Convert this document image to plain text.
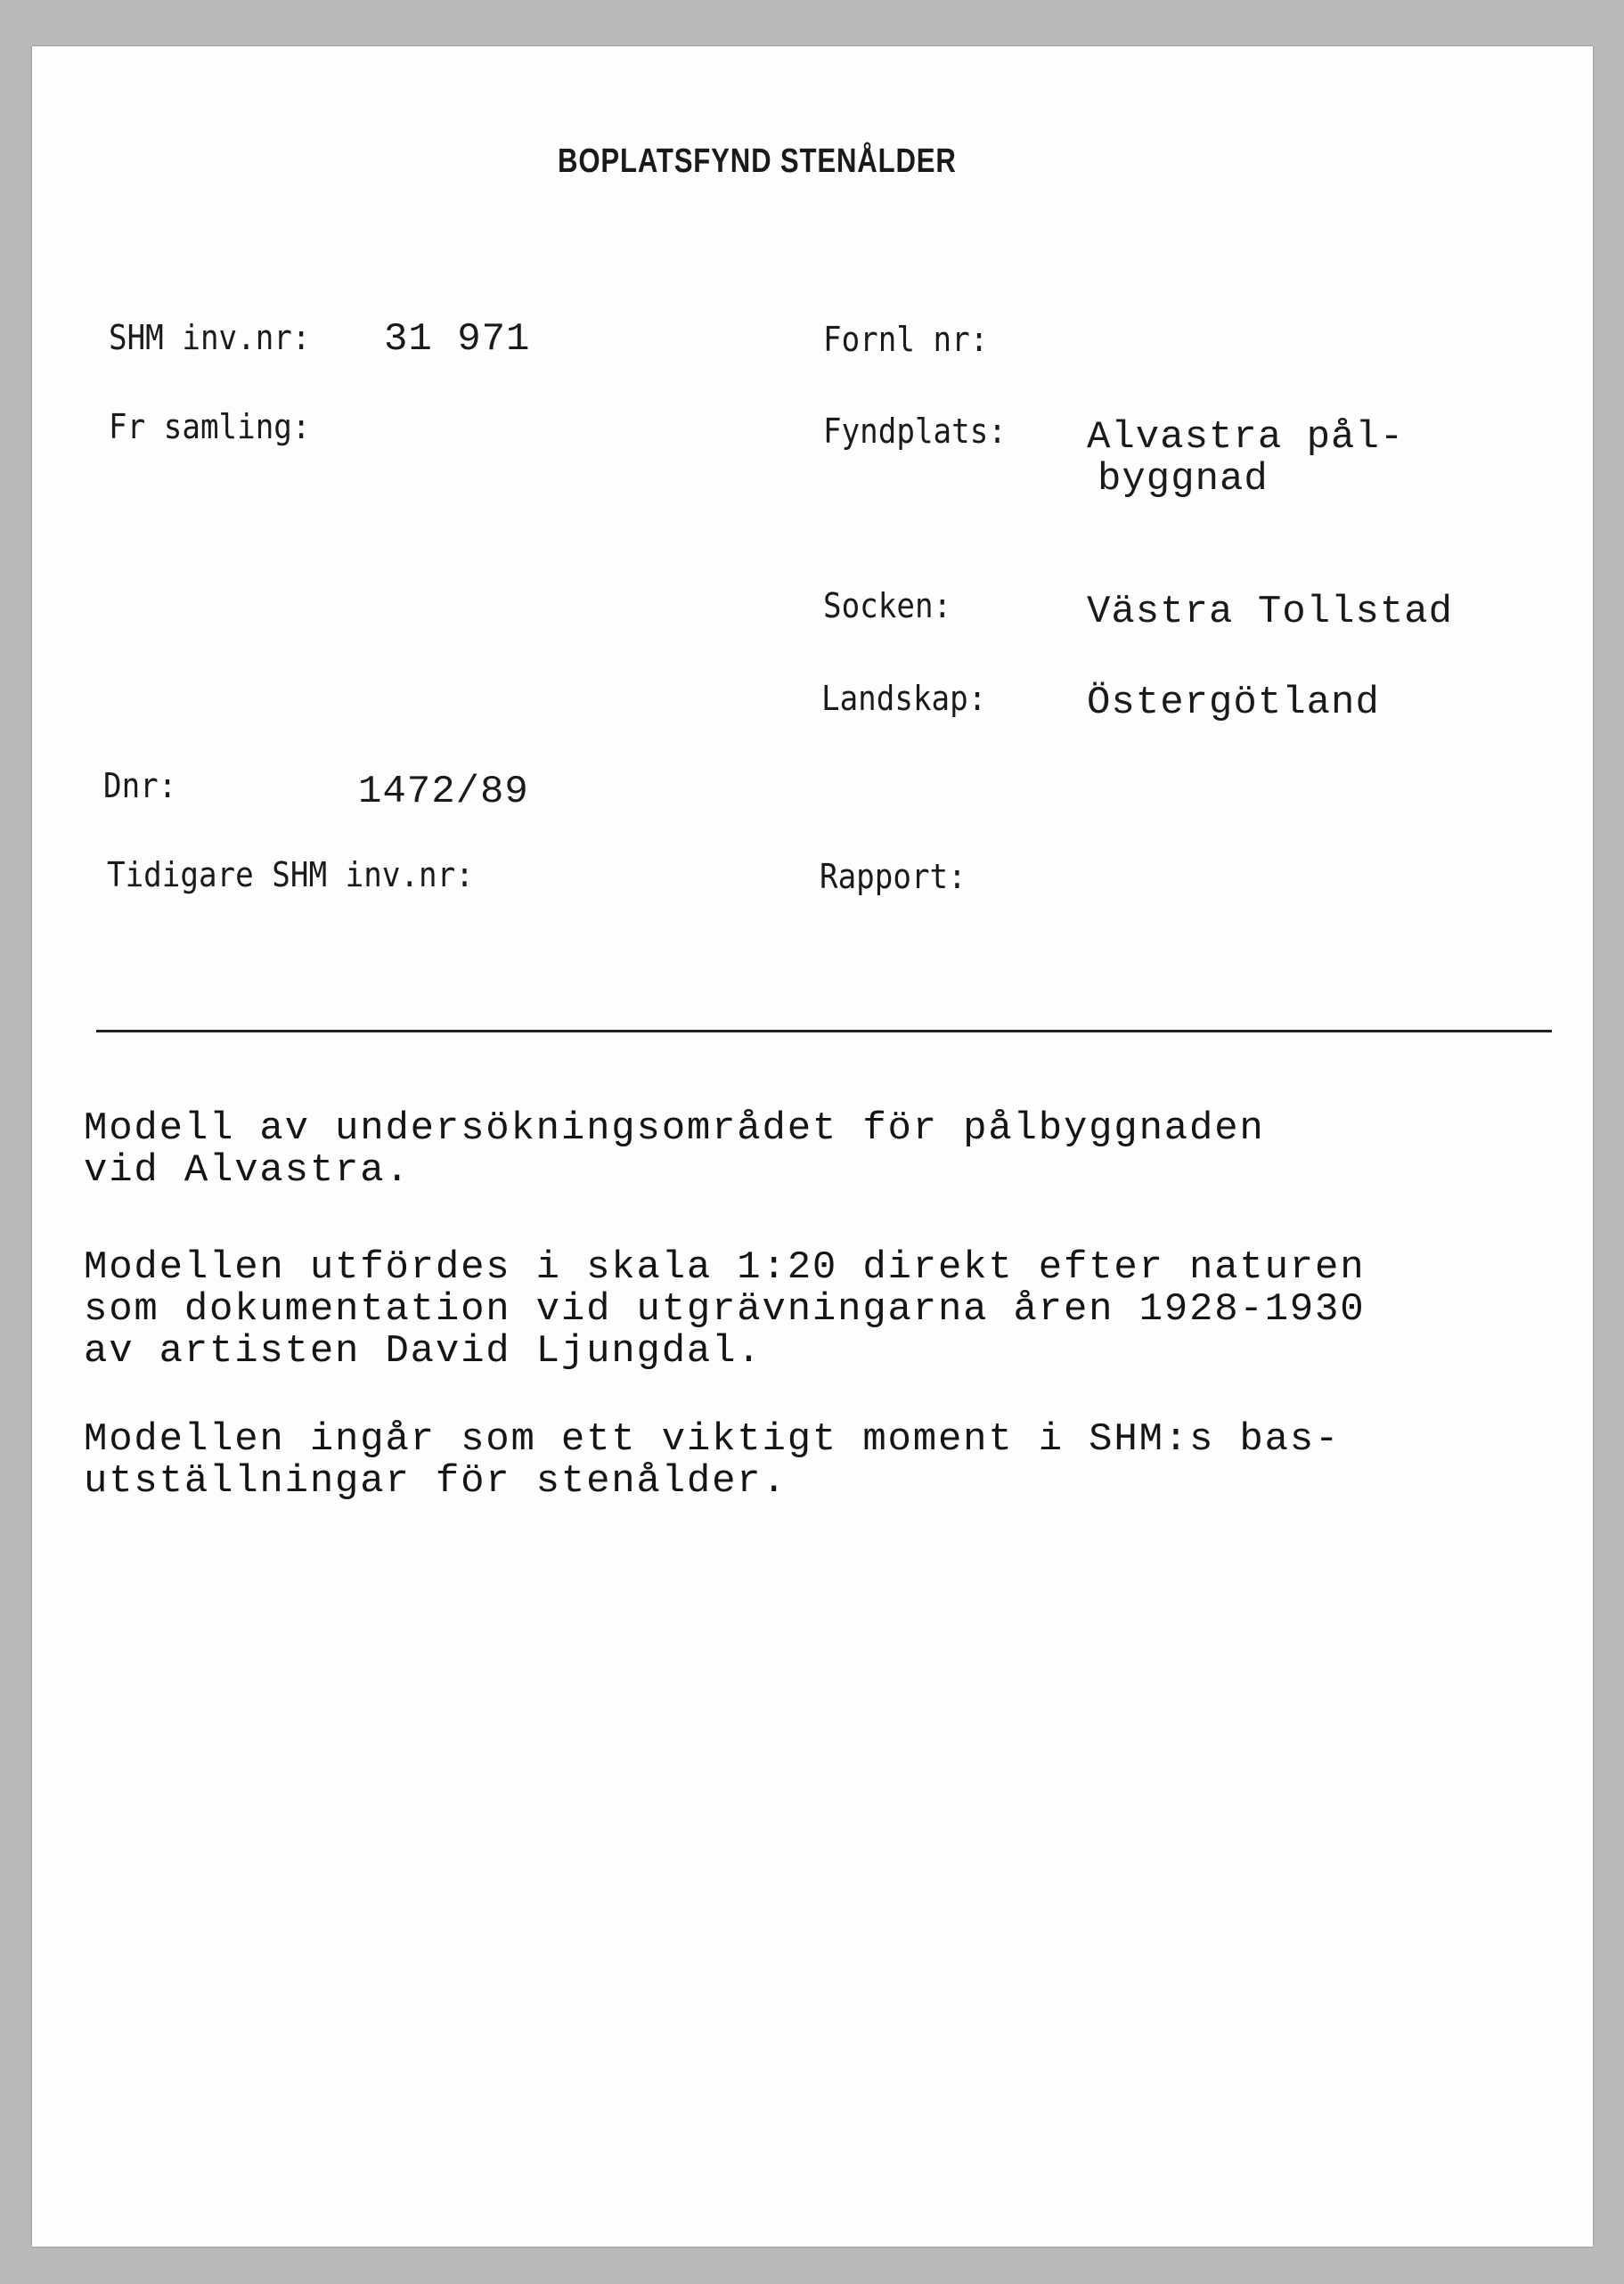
BOPLATSFYND STENÅLDER
SHM inv.nr: 31 971
Fr samling:
Dnr:	1472/89
Tidigare SHM inv.nr:
Fornl nr:
Fyndplats: Alvastra pål-
byggnad
Socken:	Västra Tollstad
Landskap:	Östergötland
Rapport:

Modell av undersökningsområdet för pålbyggnaden
vid Alvastra.

Modellen utfördes i skala 1:20 direkt efter naturen
som dokumentation vid utgrävningarna åren 1928-1930
av artisten David Ljungdal.

Modellen ingår som ett viktigt moment i SHM:s bas-
utställningar för stenålder.
